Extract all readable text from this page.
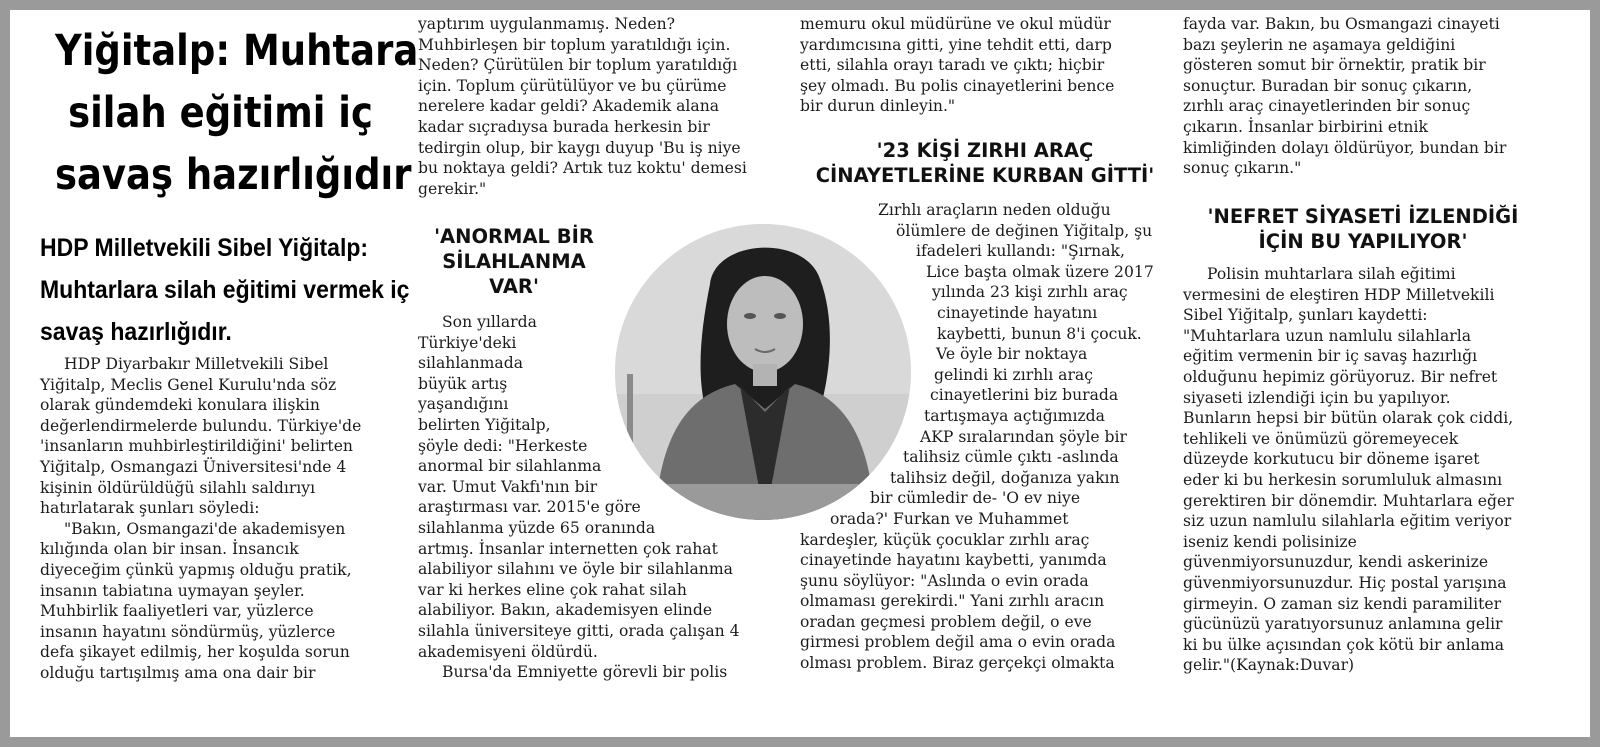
Yiğitalp: Muhtara
silah eğitimi iç
savaş hazırlığıdır
HDP Milletvekili Sibel Yiğitalp:
Muhtarlara silah eğitimi vermek iç
savaş hazırlığıdır.
HDP Diyarbakır Milletvekili Sibel
Yiğitalp, Meclis Genel Kurulu'nda söz
olarak gündemdeki konulara ilişkin
değerlendirmelerde bulundu. Türkiye'de
'insanların muhbirleştirildiğini' belirten
Yiğitalp, Osmangazi Üniversitesi'nde 4
kişinin öldürüldüğü silahlı saldırıyı
hatırlatarak şunları söyledi:
"Bakın, Osmangazi'de akademisyen
kılığında olan bir insan. İnsancık
diyeceğim çünkü yapmış olduğu pratik,
insanın tabiatına uymayan şeyler.
Muhbirlik faaliyetleri var, yüzlerce
insanın hayatını söndürmüş, yüzlerce
defa şikayet edilmiş, her koşulda sorun
olduğu tartışılmış ama ona dair bir
yaptırım uygulanmamış. Neden?
Muhbirleşen bir toplum yaratıldığı için.
Neden? Çürütülen bir toplum yaratıldığı
için. Toplum çürütülüyor ve bu çürüme
nerelere kadar geldi? Akademik alana
kadar sıçradıysa burada herkesin bir
tedirgin olup, bir kaygı duyup 'Bu iş niye
bu noktaya geldi? Artık tuz koktu' demesi
gerekir."
'ANORMAL BİR
SİLAHLANMA
VAR'
Son yıllarda
Türkiye'deki
silahlanmada
büyük artış
yaşandığını
belirten Yiğitalp,
şöyle dedi: "Herkeste
anormal bir silahlanma
var. Umut Vakfı'nın bir
araştırması var. 2015'e göre
silahlanma yüzde 65 oranında
artmış. İnsanlar internetten çok rahat
alabiliyor silahını ve öyle bir silahlanma
var ki herkes eline çok rahat silah
alabiliyor. Bakın, akademisyen elinde
silahla üniversiteye gitti, orada çalışan 4
akademisyeni öldürdü.
Bursa'da Emniyette görevli bir polis
memuru okul müdürüne ve okul müdür
yardımcısına gitti, yine tehdit etti, darp
etti, silahla orayı taradı ve çıktı; hiçbir
şey olmadı. Bu polis cinayetlerini bence
bir durun dinleyin."
'23 KİŞİ ZIRHI ARAÇ
CİNAYETLERİNE KURBAN GİTTİ'
Zırhlı araçların neden olduğu
ölümlere de değinen Yiğitalp, şu
ifadeleri kullandı: "Şırnak,
Lice başta olmak üzere 2017
yılında 23 kişi zırhlı araç
cinayetinde hayatını
kaybetti, bunun 8'i çocuk.
Ve öyle bir noktaya
gelindi ki zırhlı araç
cinayetlerini biz burada
tartışmaya açtığımızda
AKP sıralarından şöyle bir
talihsiz cümle çıktı -aslında
talihsiz değil, doğanıza yakın
bir cümledir de- 'O ev niye
orada?' Furkan ve Muhammet
kardeşler, küçük çocuklar zırhlı araç
cinayetinde hayatını kaybetti, yanımda
şunu söylüyor: "Aslında o evin orada
olmaması gerekirdi." Yani zırhlı aracın
oradan geçmesi problem değil, o eve
girmesi problem değil ama o evin orada
olması problem. Biraz gerçekçi olmakta
fayda var. Bakın, bu Osmangazi cinayeti
bazı şeylerin ne aşamaya geldiğini
gösteren somut bir örnektir, pratik bir
sonuçtur. Buradan bir sonuç çıkarın,
zırhlı araç cinayetlerinden bir sonuç
çıkarın. İnsanlar birbirini etnik
kimliğinden dolayı öldürüyor, bundan bir
sonuç çıkarın."
'NEFRET SİYASETİ İZLENDİĞİ
İÇİN BU YAPILIYOR'
Polisin muhtarlara silah eğitimi
vermesini de eleştiren HDP Milletvekili
Sibel Yiğitalp, şunları kaydetti:
"Muhtarlara uzun namlulu silahlarla
eğitim vermenin bir iç savaş hazırlığı
olduğunu hepimiz görüyoruz. Bir nefret
siyaseti izlendiği için bu yapılıyor.
Bunların hepsi bir bütün olarak çok ciddi,
tehlikeli ve önümüzü göremeyecek
düzeyde korkutucu bir döneme işaret
eder ki bu herkesin sorumluluk almasını
gerektiren bir dönemdir. Muhtarlara eğer
siz uzun namlulu silahlarla eğitim veriyor
iseniz kendi polisinize
güvenmiyorsunuzdur, kendi askerinize
güvenmiyorsunuzdur. Hiç postal yarışına
girmeyin. O zaman siz kendi paramiliter
gücünüzü yaratıyorsunuz anlamına gelir
ki bu ülke açısından çok kötü bir anlama
gelir."(Kaynak:Duvar)
